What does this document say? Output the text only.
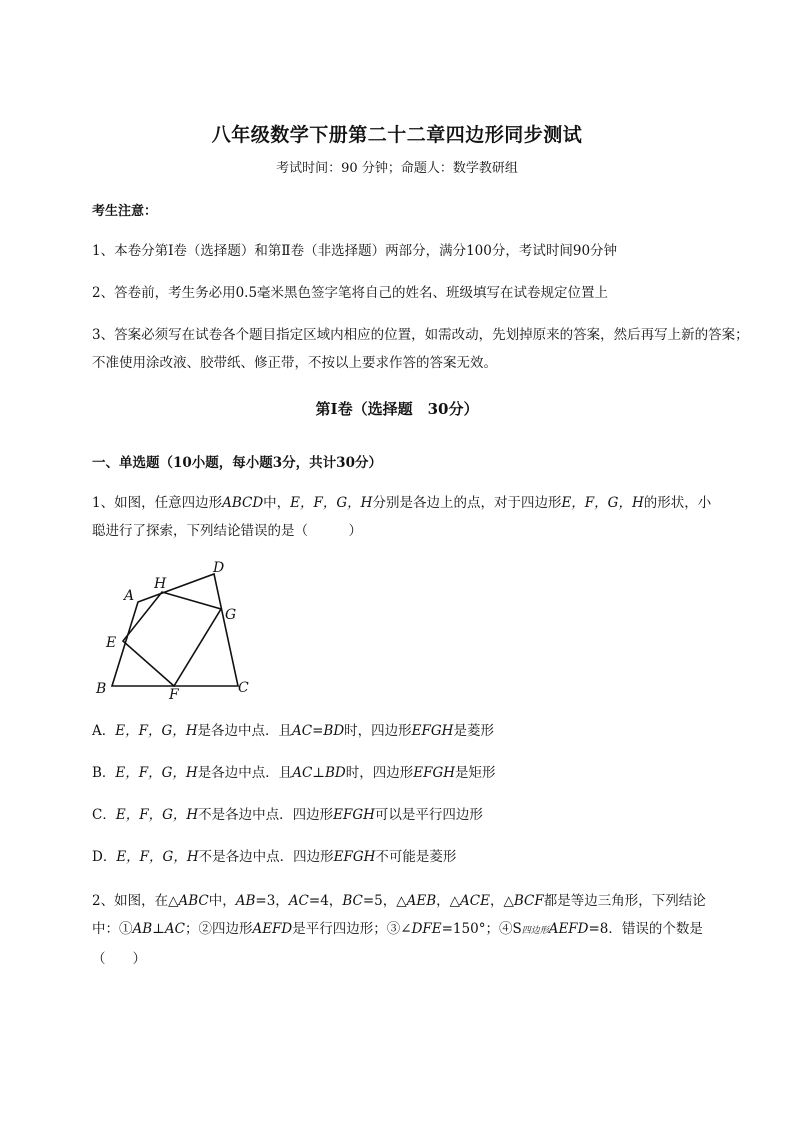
八年级数学下册第二十二章四边形同步测试
考试时间：90 分钟；命题人：数学教研组
考生注意：
1、本卷分第Ⅰ卷（选择题）和第Ⅱ卷（非选择题）两部分，满分100分，考试时间90分钟
2、答卷前，考生务必用0.5毫米黑色签字笔将自己的姓名、班级填写在试卷规定位置上
3、答案必须写在试卷各个题目指定区域内相应的位置，如需改动，先划掉原来的答案，然后再写上新的答案；不准使用涂改液、胶带纸、修正带，不按以上要求作答的答案无效。
第Ⅰ卷（选择题　30分）
一、单选题（10小题，每小题3分，共计30分）
1、如图，任意四边形ABCD中，E，F，G，H分别是各边上的点，对于四边形E，F，G，H的形状，小
聪进行了探索，下列结论错误的是（　　　）
A
H
D
G
E
B	F	C
A．E，F，G，H是各边中点．且AC=BD时，四边形EFGH是菱形
B．E，F，G，H是各边中点．且AC⊥BD时，四边形EFGH是矩形
C．E，F，G，H不是各边中点．四边形EFGH可以是平行四边形
D．E，F，G，H不是各边中点．四边形EFGH不可能是菱形
2、如图，在△ABC中，AB=3，AC=4，BC=5，△AEB，△ACE，△BCF都是等边三角形，下列结论
中：①AB⊥AC；②四边形AEFD是平行四边形；③∠DFE=150°；④S四边形AEFD=8．错误的个数是
（　　）
